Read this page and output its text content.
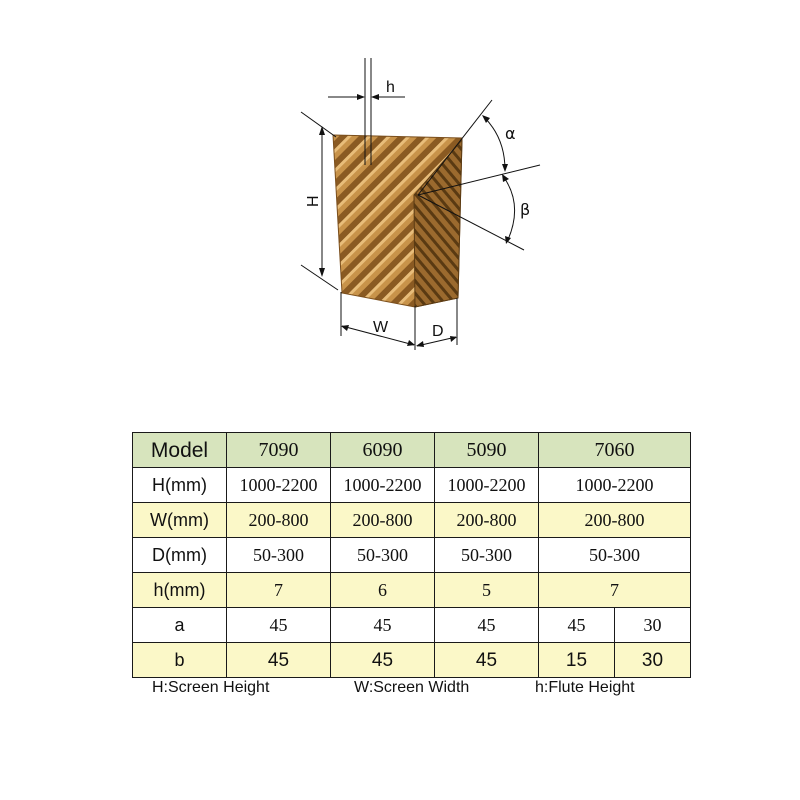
h
H
W	D
α
β
Model	7090	6090	5090	7060	
H(mm)	1000-2200	1000-2200	1000-2200	1000-2200	
W(mm)	200-800	200-800	200-800	200-800	
D(mm)	50-300	50-300	50-300	50-300	
h(mm)	7	6	5	7	
a	45	45	45	45	30
b	45	45	45	15	30
H:Screen Height	W:Screen Width	h:Flute Height
